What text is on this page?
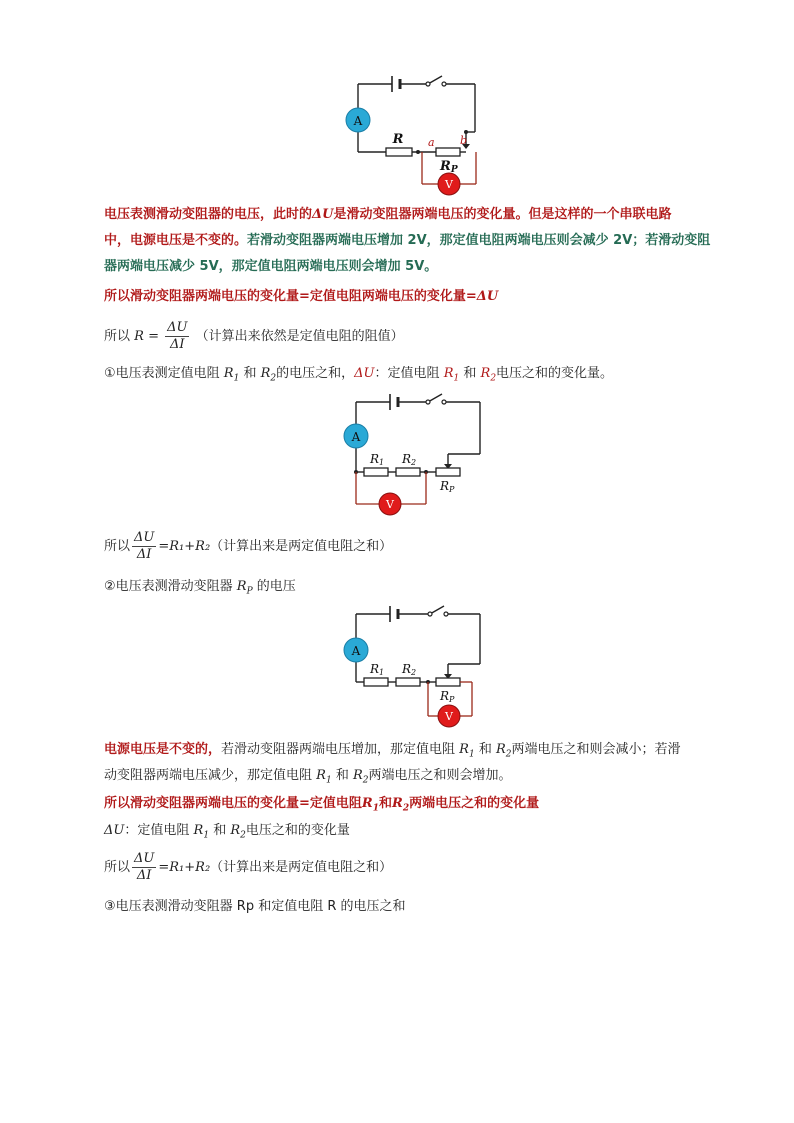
A
V
R a b
RP
电压表测滑动变阻器的电压，此时的ΔU是滑动变阻器两端电压的变化量。但是这样的一个串联电路
中，电源电压是不变的。若滑动变阻器两端电压增加 2V，那定值电阻两端电压则会减少 2V；若滑动变阻
器两端电压减少 5V，那定值电阻两端电压则会增加 5V。
所以滑动变阻器两端电压的变化量=定值电阻两端电压的变化量=ΔU
所以 $R = \frac{\Delta U}{\Delta I}$ （计算出来依然是定值电阻的阻值）
①电压表测定值电阻 $R_1$ 和 $R_2$的电压之和，ΔU：定值电阻 $R_1$ 和 $R_2$电压之和的变化量。
A
V
R1 R2
RP
所以 $\frac{\Delta U}{\Delta I} =R_1+R_2$（计算出来是两定值电阻之和）
②电压表测滑动变阻器 $R_P$ 的电压
A
V
R1 R2
RP
电源电压是不变的，若滑动变阻器两端电压增加，那定值电阻 $R_1$ 和 $R_2$两端电压之和则会减小；若滑
动变阻器两端电压减少，那定值电阻 $R_1$ 和 $R_2$两端电压之和则会增加。
所以滑动变阻器两端电压的变化量=定值电阻$R_1$和$R_2$两端电压之和的变化量
ΔU：定值电阻 $R_1$ 和 $R_2$电压之和的变化量
所以 $\frac{\Delta U}{\Delta I} =R_1+R_2$（计算出来是两定值电阻之和）
③电压表测滑动变阻器 Rp 和定值电阻 R 的电压之和
